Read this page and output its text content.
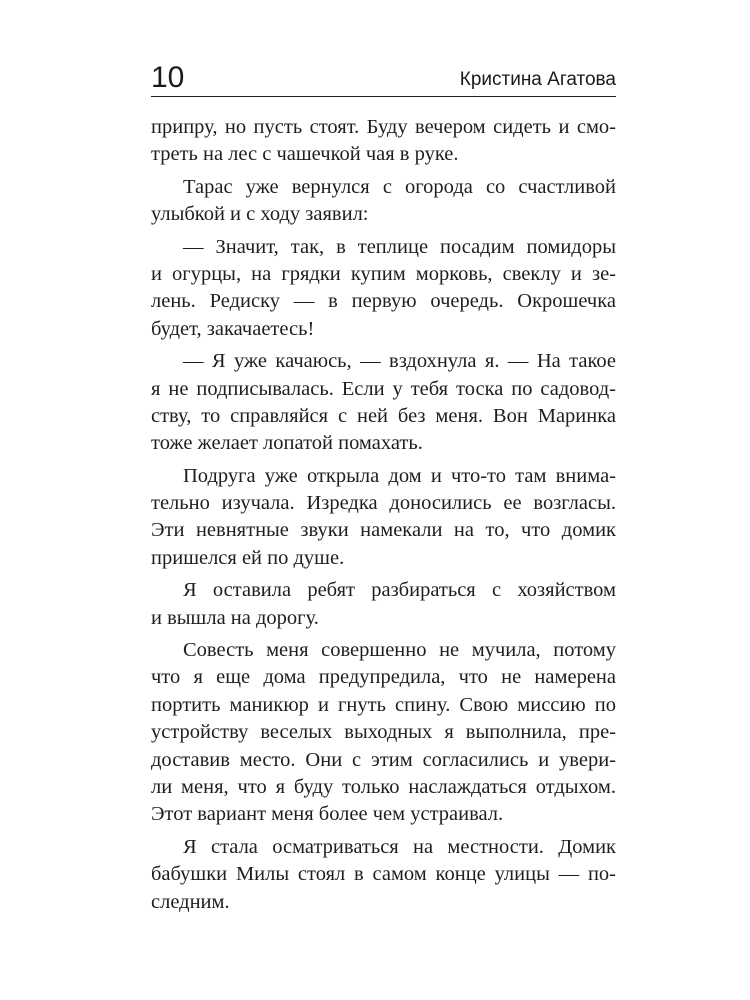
10	Кристина Агатова
припру, но пусть стоят. Буду вечером сидеть и смо-
треть на лес с чашечкой чая в руке.
Тарас уже вернулся с огорода со счастливой
улыбкой и с ходу заявил:
— Значит, так, в теплице посадим помидоры
и огурцы, на грядки купим морковь, свеклу и зе-
лень. Редиску — в первую очередь. Окрошечка
будет, закачаетесь!
— Я уже качаюсь, — вздохнула я. — На такое
я не подписывалась. Если у тебя тоска по садовод-
ству, то справляйся с ней без меня. Вон Маринка
тоже желает лопатой помахать.
Подруга уже открыла дом и что-то там внима-
тельно изучала. Изредка доносились ее возгласы.
Эти невнятные звуки намекали на то, что домик
пришелся ей по душе.
Я оставила ребят разбираться с хозяйством
и вышла на дорогу.
Совесть меня совершенно не мучила, потому
что я еще дома предупредила, что не намерена
портить маникюр и гнуть спину. Свою миссию по
устройству веселых выходных я выполнила, пре-
доставив место. Они с этим согласились и увери-
ли меня, что я буду только наслаждаться отдыхом.
Этот вариант меня более чем устраивал.
Я стала осматриваться на местности. Домик
бабушки Милы стоял в самом конце улицы — по-
следним.
